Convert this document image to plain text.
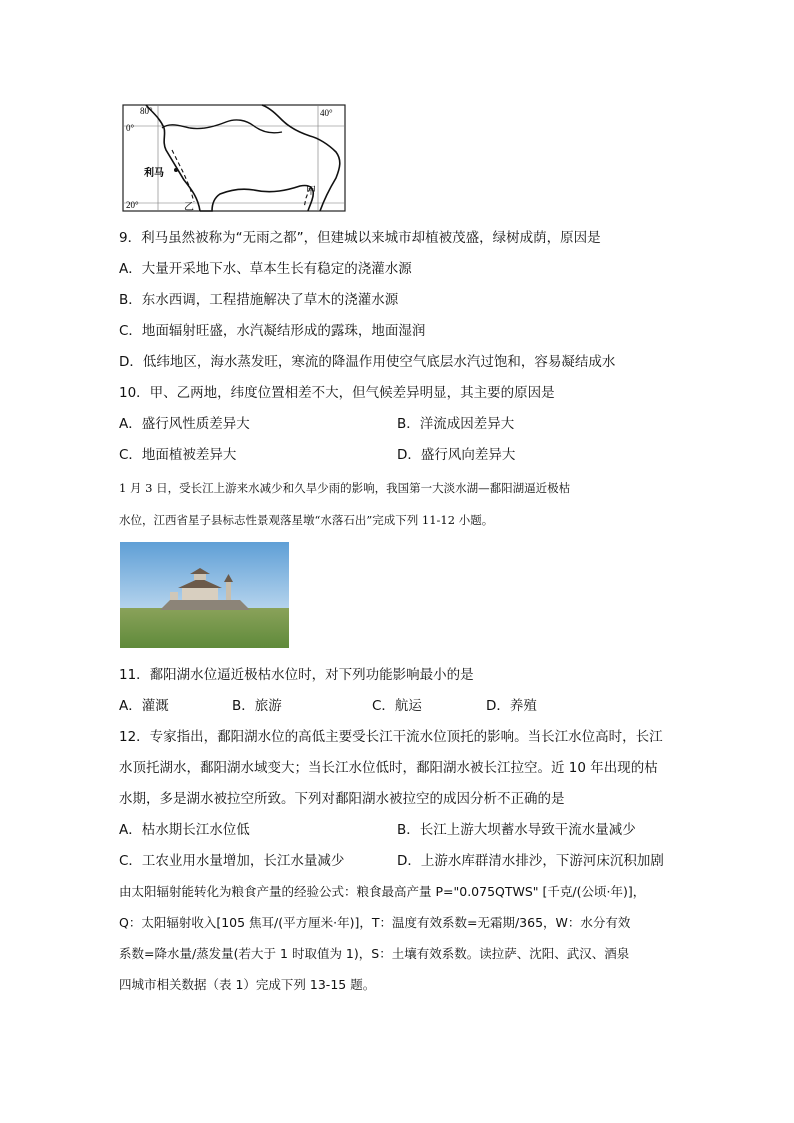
80°
0°
40°
20°
利马
乙
甲
9．利马虽然被称为“无雨之都”，但建城以来城市却植被茂盛，绿树成荫，原因是
A．大量开采地下水、草本生长有稳定的浇灌水源
B．东水西调，工程措施解决了草木的浇灌水源
C．地面辐射旺盛，水汽凝结形成的露珠，地面湿润
D．低纬地区，海水蒸发旺，寒流的降温作用使空气底层水汽过饱和，容易凝结成水
10．甲、乙两地，纬度位置相差不大，但气候差异明显，其主要的原因是
A．盛行风性质差异大	B．洋流成因差异大
C．地面植被差异大	D．盛行风向差异大
1 月 3 日，受长江上游来水减少和久旱少雨的影响，我国第一大淡水湖—鄱阳湖逼近极枯
水位，江西省星子县标志性景观落星墩“水落石出”完成下列 11-12 小题。
11．鄱阳湖水位逼近极枯水位时，对下列功能影响最小的是
A．灌溉	B．旅游	C．航运	D．养殖
12．专家指出，鄱阳湖水位的高低主要受长江干流水位顶托的影响。当长江水位高时，长江
水顶托湖水，鄱阳湖水域变大；当长江水位低时，鄱阳湖水被长江拉空。近 10 年出现的枯
水期，多是湖水被拉空所致。下列对鄱阳湖水被拉空的成因分析不正确的是
A．枯水期长江水位低	B．长江上游大坝蓄水导致干流水量减少
C．工农业用水量增加，长江水量减少	D．上游水库群清水排沙，下游河床沉积加剧
由太阳辐射能转化为粮食产量的经验公式：粮食最高产量 P="0.075QTWS" [千克/(公顷·年)]，
Q：太阳辐射收入[105 焦耳/(平方厘米·年)]，T：温度有效系数=无霜期/365，W：水分有效
系数=降水量/蒸发量(若大于 1 时取值为 1)，S：土壤有效系数。读拉萨、沈阳、武汉、酒泉
四城市相关数据（表 1）完成下列 13-15 题。
